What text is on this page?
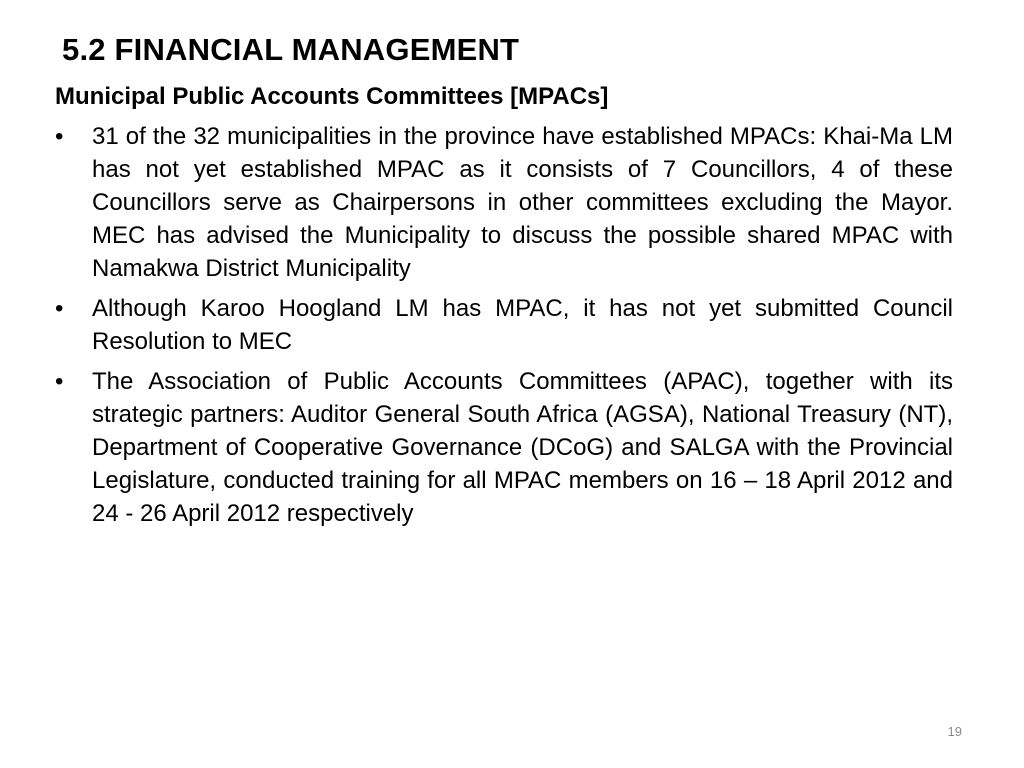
5.2 FINANCIAL MANAGEMENT
Municipal Public Accounts Committees [MPACs]
•	31 of the 32 municipalities in the province have established MPACs: Khai-Ma LM has not yet established MPAC as it consists of 7 Councillors, 4 of these Councillors serve as Chairpersons in other committees excluding the Mayor. MEC has advised the Municipality to discuss the possible shared MPAC with Namakwa District Municipality
•	Although Karoo Hoogland LM has MPAC, it has not yet submitted Council Resolution to MEC
•	The Association of Public Accounts Committees (APAC), together with its strategic partners: Auditor General South Africa (AGSA), National Treasury (NT), Department of Cooperative Governance (DCoG) and SALGA with the Provincial Legislature, conducted training for all MPAC members on 16 – 18 April 2012 and 24 - 26 April 2012 respectively
19
